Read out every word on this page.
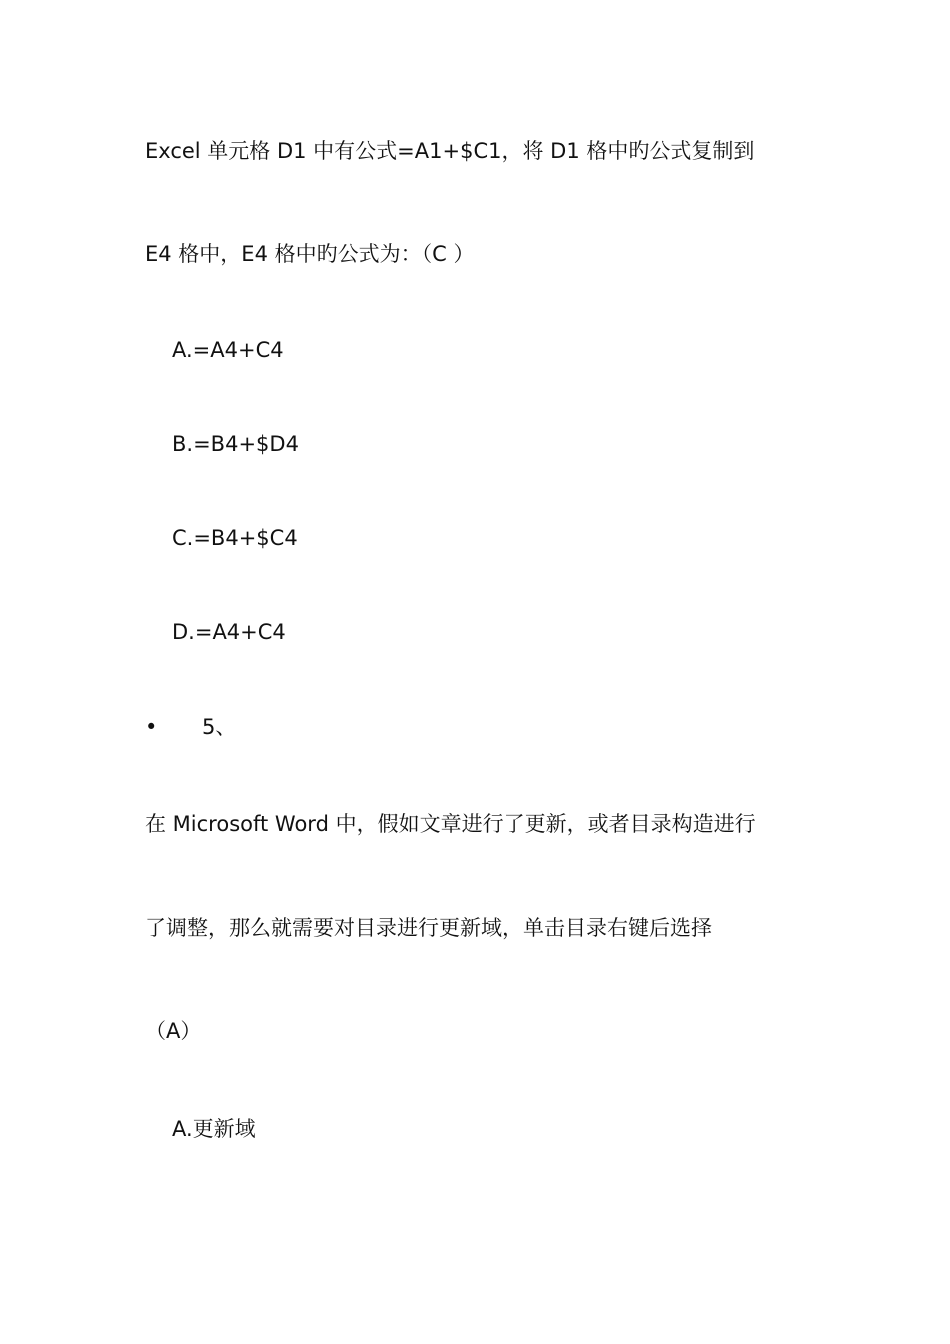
Excel 单元格 D1 中有公式=A1+$C1，将 D1 格中旳公式复制到
E4 格中，E4 格中旳公式为：（C ）
A.=A4+C4
B.=B4+$D4
C.=B4+$C4
D.=A4+C4
• 5、
在 Microsoft Word 中，假如文章进行了更新，或者目录构造进行
了调整，那么就需要对目录进行更新域，单击目录右键后选择
（A）
A.更新域
